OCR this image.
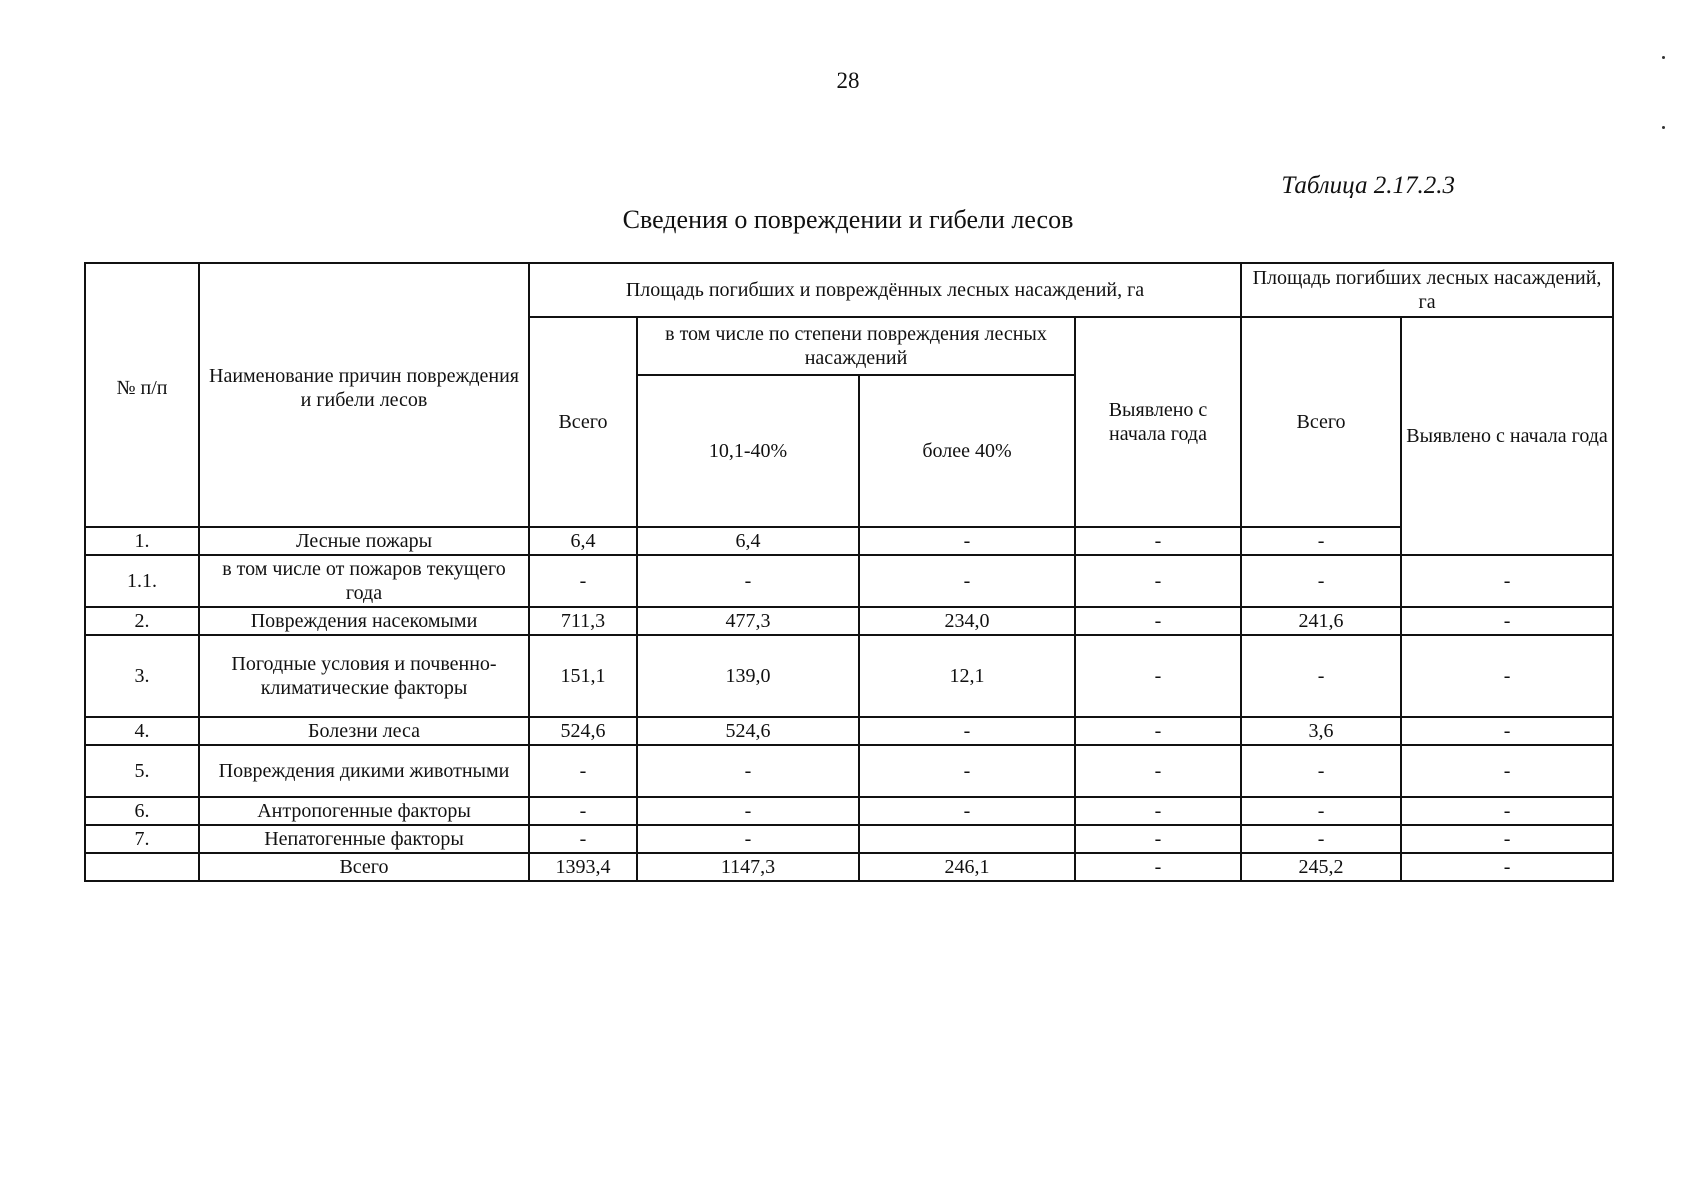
28
Таблица 2.17.2.3
Сведения о повреждении и гибели лесов
№ п/п	Наименование причин повреждения и гибели лесов	Площадь погибших и повреждённых лесных насаждений, га				Площадь погибших лесных насаждений, га	
		Всего	в том числе по степени повреждения лесных насаждений		Выявлено с начала года	Всего	Выявлено с начала года
			10,1-40%	более 40%			
1.	Лесные пожары	6,4	6,4	-	-	-	
1.1.	в том числе от пожаров текущего года	-	-	-	-	-	-
2.	Повреждения насекомыми	711,3	477,3	234,0	-	241,6	-
3.	Погодные условия и почвенно-климатические факторы	151,1	139,0	12,1	-	-	-
4.	Болезни леса	524,6	524,6	-	-	3,6	-
5.	Повреждения дикими животными	-	-	-	-	-	-
6.	Антропогенные факторы	-	-	-	-	-	-
7.	Непатогенные факторы	-	-		-	-	-
	Всего	1393,4	1147,3	246,1	-	245,2	-
